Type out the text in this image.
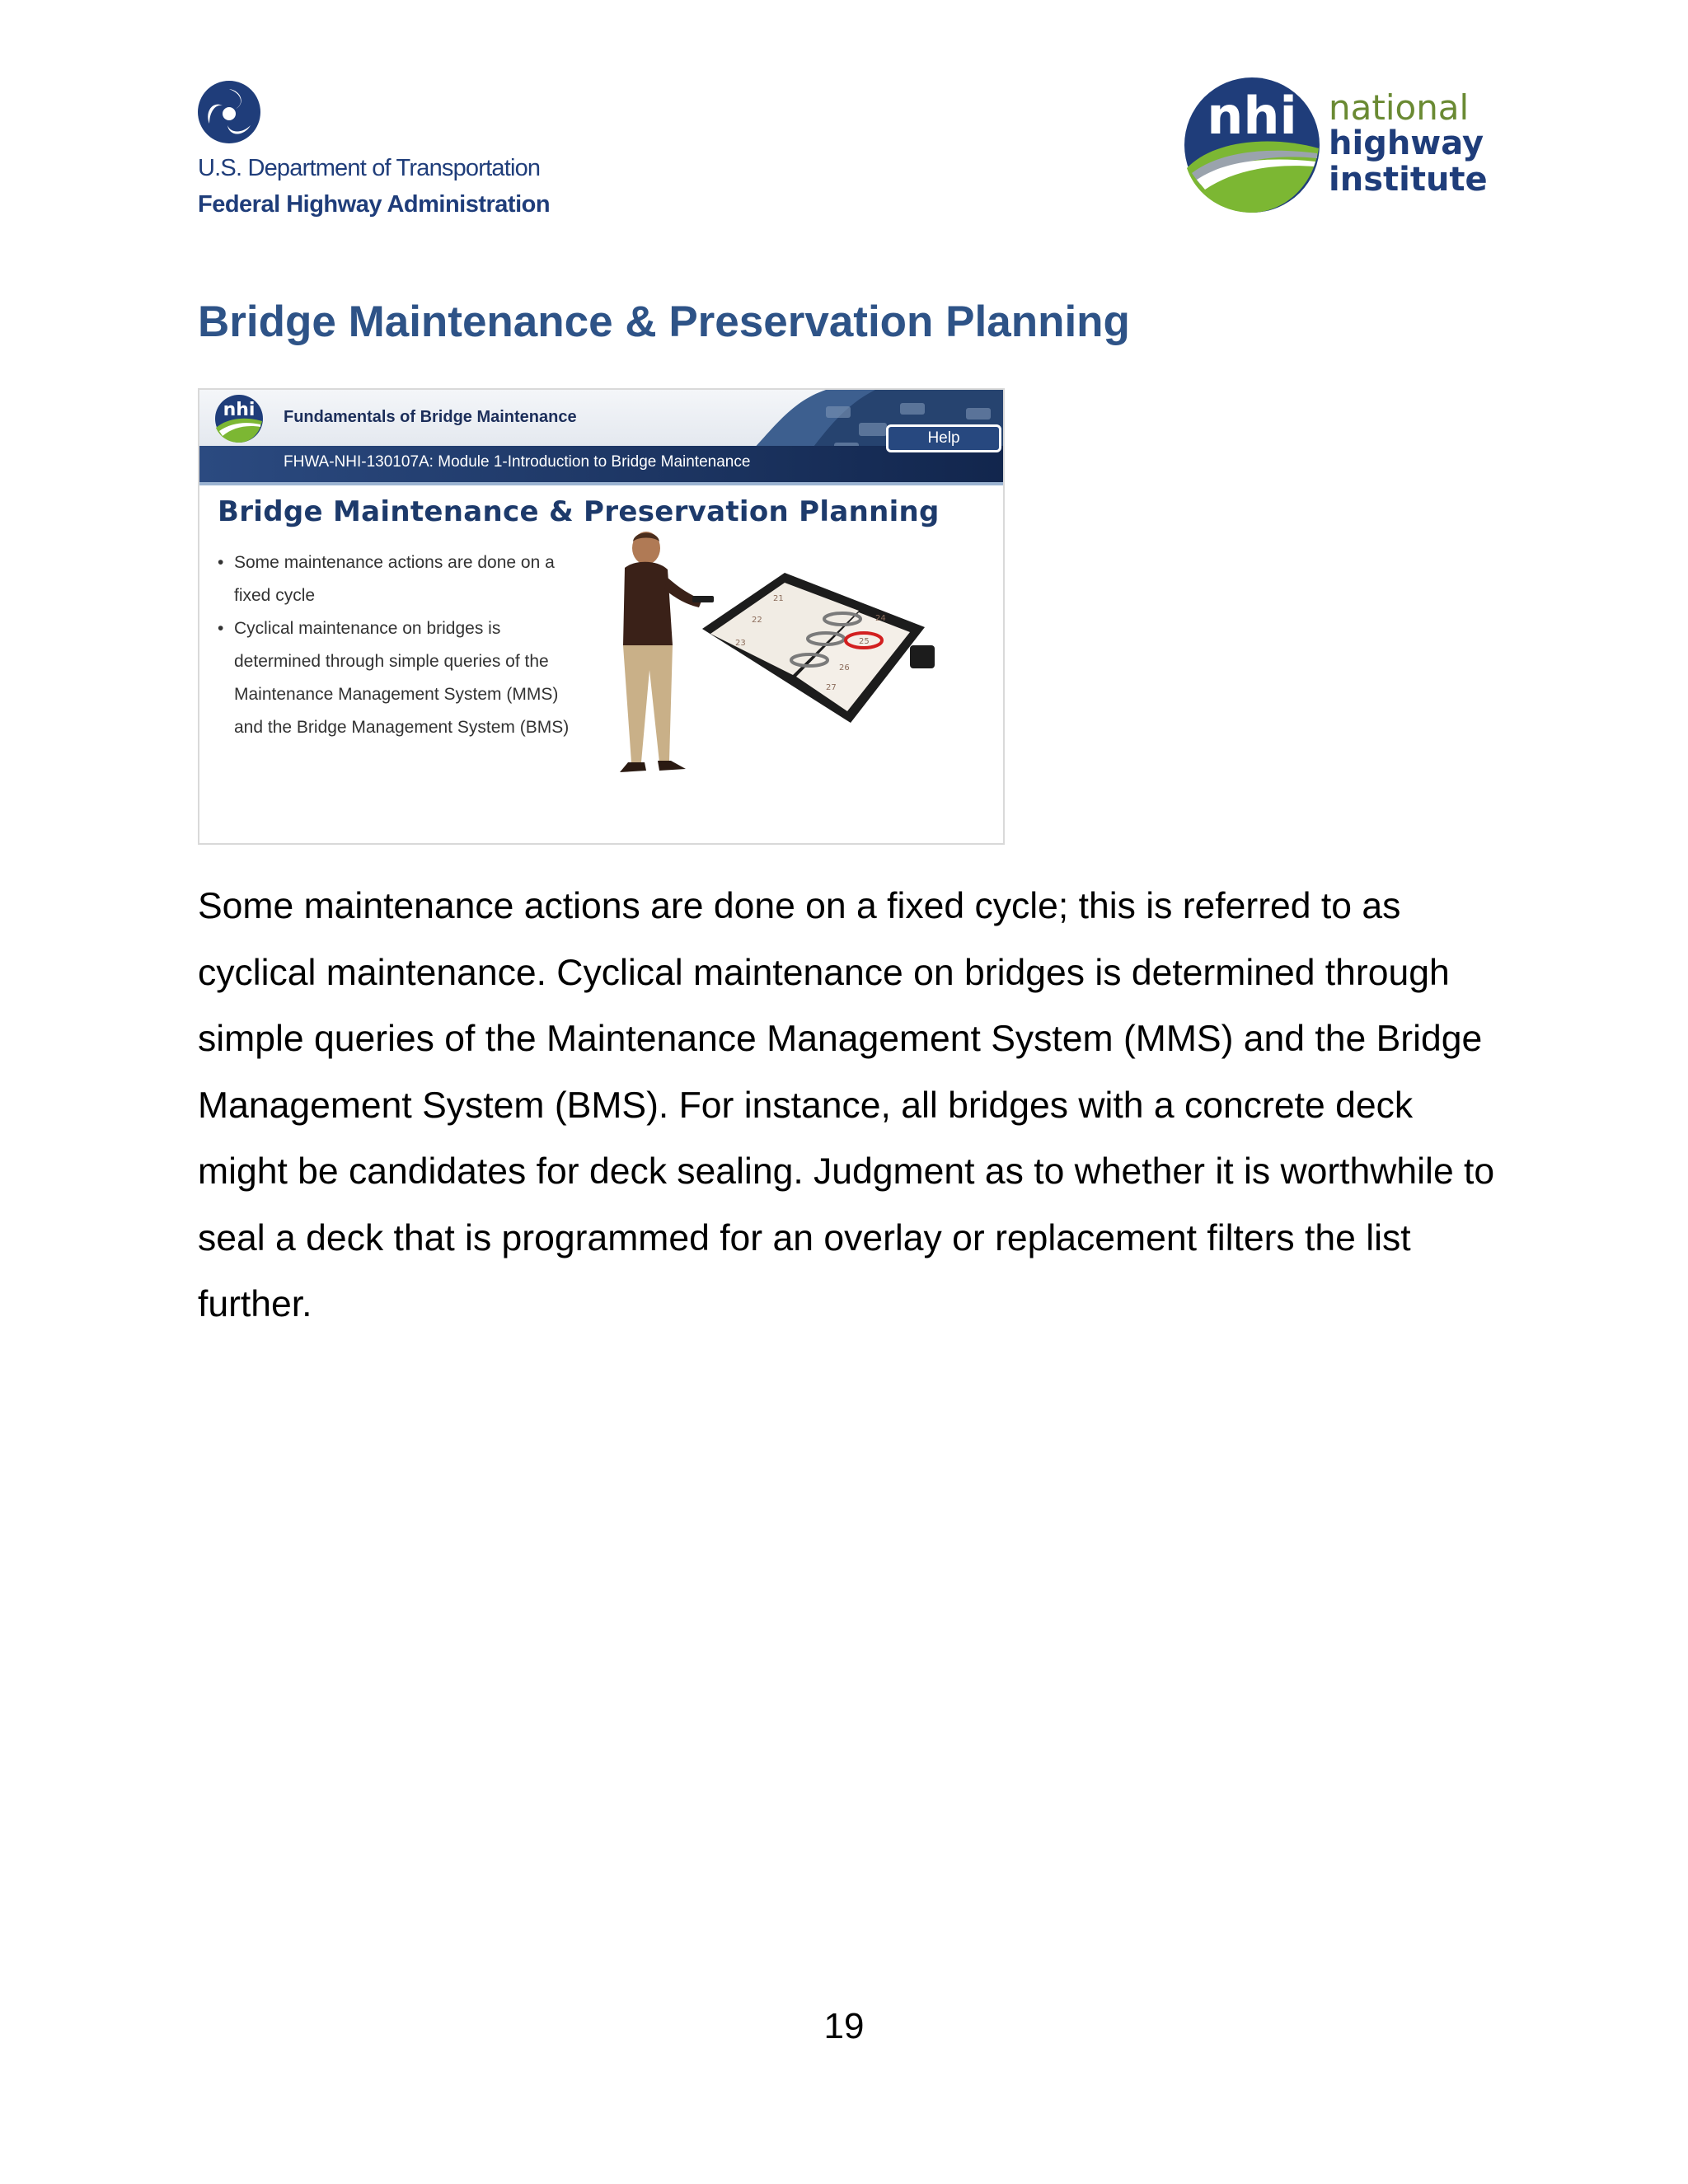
U.S. Department of Transportation
Federal Highway Administration
nhi national
highway
institute
Bridge Maintenance & Preservation Planning
nhi Fundamentals of Bridge Maintenance
FHWA-NHI-130107A: Module 1-Introduction to Bridge Maintenance
Help
Bridge Maintenance & Preservation Planning
• Some maintenance actions are done on a fixed cycle
• Cyclical maintenance on bridges is determined through simple queries of the Maintenance Management System (MMS) and the Bridge Management System (BMS)
21
24
22
25
23
26
27

Some maintenance actions are done on a fixed cycle; this is referred to as cyclical maintenance. Cyclical maintenance on bridges is determined through simple queries of the Maintenance Management System (MMS) and the Bridge Management System (BMS). For instance, all bridges with a concrete deck might be candidates for deck sealing. Judgment as to whether it is worthwhile to seal a deck that is programmed for an overlay or replacement filters the list further.

19
